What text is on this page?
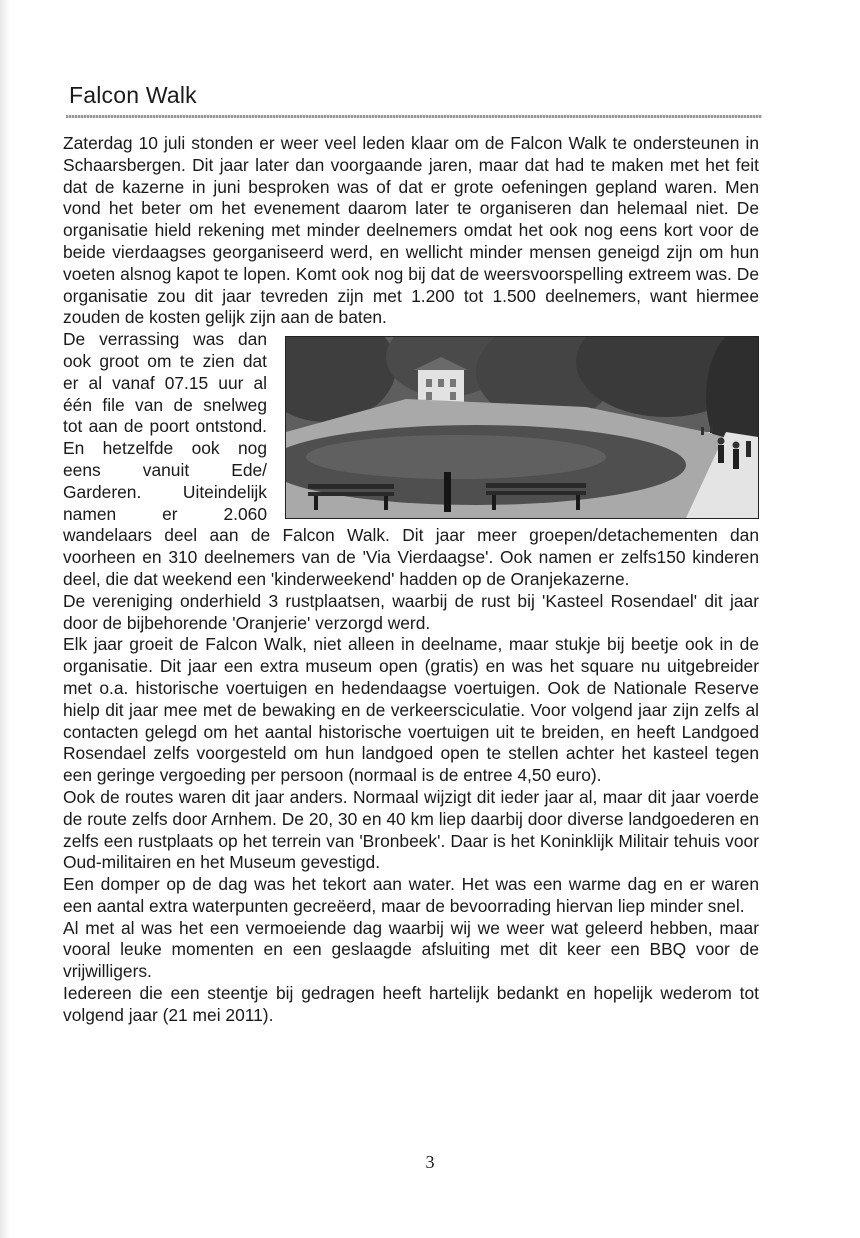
Falcon Walk

Zaterdag 10 juli stonden er weer veel leden klaar om de Falcon Walk te ondersteunen in Schaarsbergen. Dit jaar later dan voorgaande jaren, maar dat had te maken met het feit dat de kazerne in juni besproken was of dat er grote oefeningen gepland waren. Men vond het beter om het evenement daarom later te organiseren dan helemaal niet. De organisatie hield rekening met minder deelnemers omdat het ook nog eens kort voor de beide vierdaagses georganiseerd werd, en wellicht minder mensen geneigd zijn om hun voeten alsnog kapot te lopen. Komt ook nog bij dat de weersvoorspelling extreem was. De organisatie zou dit jaar tevreden zijn met 1.200 tot 1.500 deelnemers, want hiermee zouden de kosten gelijk zijn aan de baten.

De verrassing was dan ook groot om te zien dat er al vanaf 07.15 uur al één file van de snelweg tot aan de poort ontstond. En hetzelfde ook nog eens vanuit Ede/ Garderen. Uiteindelijk namen er 2.060 wandelaars deel aan de Falcon Walk. Dit jaar meer groepen/detachementen dan voorheen en 310 deelnemers van de 'Via Vierdaagse'. Ook namen er zelfs150 kinderen deel, die dat weekend een 'kinderweekend' hadden op de Oranjekazerne.

De vereniging onderhield 3 rustplaatsen, waarbij de rust bij 'Kasteel Rosendael' dit jaar door de bijbehorende 'Oranjerie' verzorgd werd.

Elk jaar groeit de Falcon Walk, niet alleen in deelname, maar stukje bij beetje ook in de organisatie. Dit jaar een extra museum open (gratis) en was het square nu uitgebreider met o.a. historische voertuigen en hedendaagse voertuigen. Ook de Nationale Reserve hielp dit jaar mee met de bewaking en de verkeersciculatie. Voor volgend jaar zijn zelfs al contacten gelegd om het aantal historische voertuigen uit te breiden, en heeft Landgoed Rosendael zelfs voorgesteld om hun landgoed open te stellen achter het kasteel tegen een geringe vergoeding per persoon (normaal is de entree 4,50 euro).

Ook de routes waren dit jaar anders. Normaal wijzigt dit ieder jaar al, maar dit jaar voerde de route zelfs door Arnhem. De 20, 30 en 40 km liep daarbij door diverse landgoederen en zelfs een rustplaats op het terrein van 'Bronbeek'. Daar is het Koninklijk Militair tehuis voor Oud-militairen en het Museum gevestigd.

Een domper op de dag was het tekort aan water. Het was een warme dag en er waren een aantal extra waterpunten gecreëerd, maar de bevoorrading hiervan liep minder snel.

Al met al was het een vermoeiende dag waarbij wij we weer wat geleerd hebben, maar vooral leuke momenten en een geslaagde afsluiting met dit keer een BBQ voor de vrijwilligers.

Iedereen die een steentje bij gedragen heeft hartelijk bedankt en hopelijk wederom tot volgend jaar (21 mei 2011).

3
